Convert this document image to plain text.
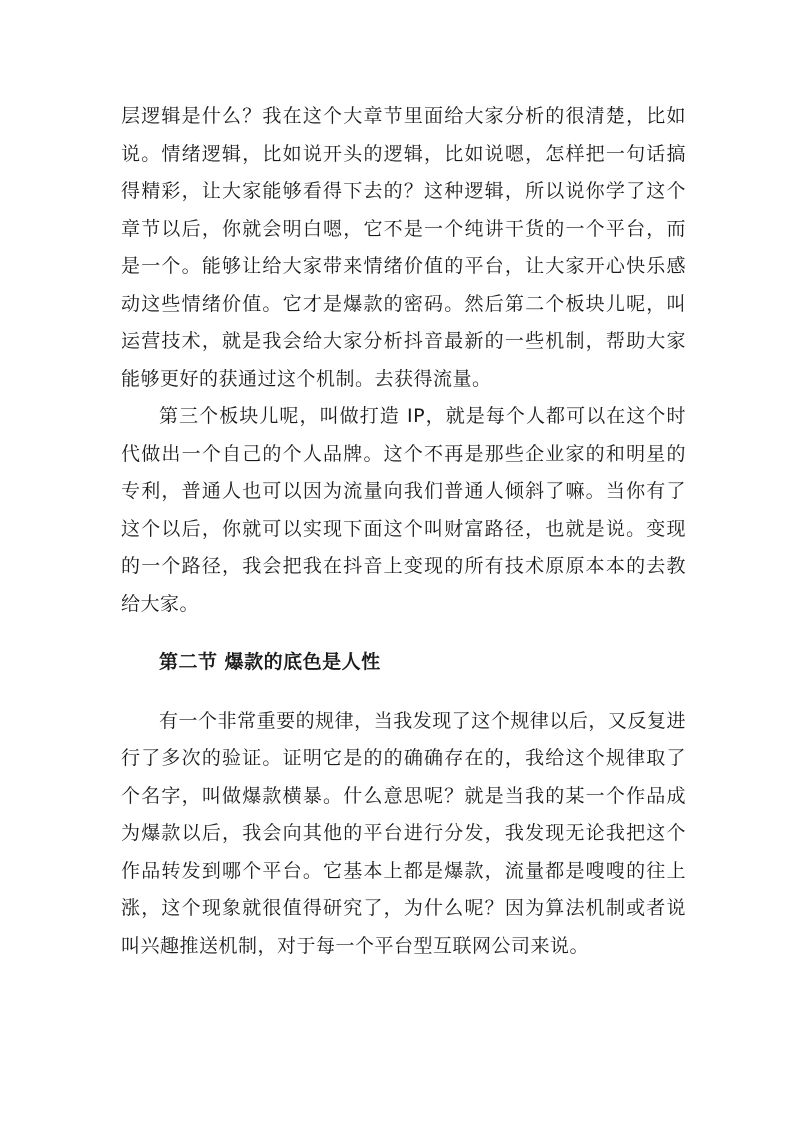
层逻辑是什么？我在这个大章节里面给大家分析的很清楚，比如说。情绪逻辑，比如说开头的逻辑，比如说嗯，怎样把一句话搞得精彩，让大家能够看得下去的？这种逻辑，所以说你学了这个章节以后，你就会明白嗯，它不是一个纯讲干货的一个平台，而是一个。能够让给大家带来情绪价值的平台，让大家开心快乐感动这些情绪价值。它才是爆款的密码。然后第二个板块儿呢，叫运营技术，就是我会给大家分析抖音最新的一些机制，帮助大家能够更好的获通过这个机制。去获得流量。

第三个板块儿呢，叫做打造 IP，就是每个人都可以在这个时代做出一个自己的个人品牌。这个不再是那些企业家的和明星的专利，普通人也可以因为流量向我们普通人倾斜了嘛。当你有了这个以后，你就可以实现下面这个叫财富路径，也就是说。变现的一个路径，我会把我在抖音上变现的所有技术原原本本的去教给大家。

第二节 爆款的底色是人性

有一个非常重要的规律，当我发现了这个规律以后，又反复进行了多次的验证。证明它是的的确确存在的，我给这个规律取了个名字，叫做爆款横暴。什么意思呢？就是当我的某一个作品成为爆款以后，我会向其他的平台进行分发，我发现无论我把这个作品转发到哪个平台。它基本上都是爆款，流量都是嗖嗖的往上涨，这个现象就很值得研究了，为什么呢？因为算法机制或者说叫兴趣推送机制，对于每一个平台型互联网公司来说。
